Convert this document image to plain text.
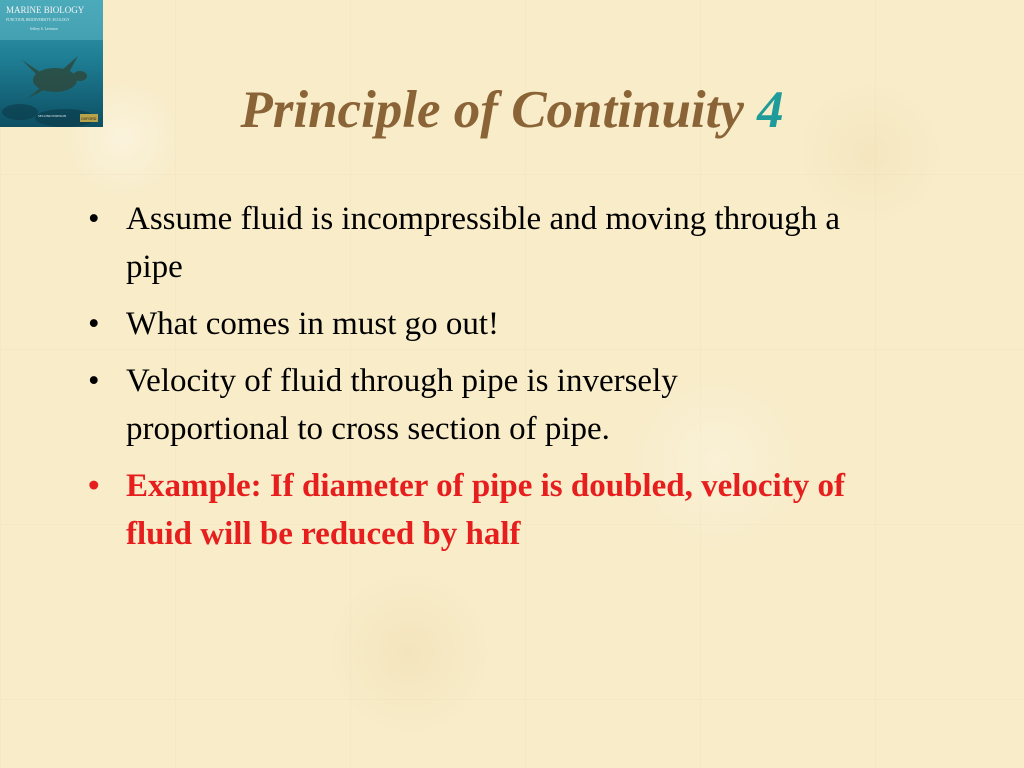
MARINE BIOLOGY
FUNCTION, BIODIVERSITY, ECOLOGY
Jeffrey S. Levinton
SECOND EDITION
OXFORD	Principle of Continuity 4
• Assume fluid is incompressible and moving through a pipe
• What comes in must go out!
• Velocity of fluid through pipe is inversely proportional to cross section of pipe.
• Example: If diameter of pipe is doubled, velocity of fluid will be reduced by half
